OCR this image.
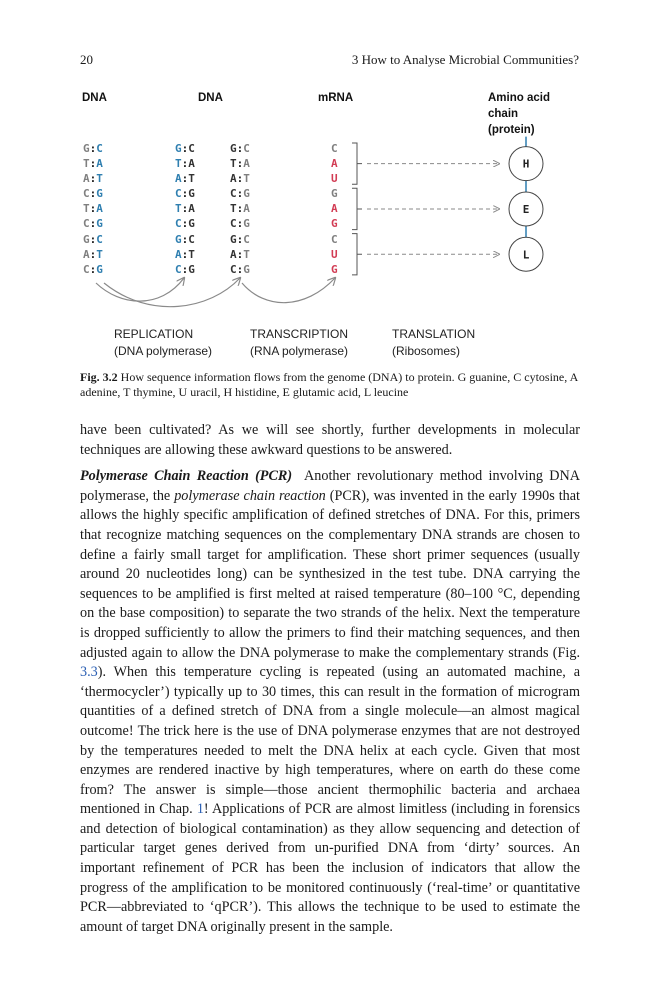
20	3 How to Analyse Microbial Communities?
DNA	DNA	mRNA	Amino acid chain
(protein)
H
E
L
G:C
T:A
A:T
C:G
T:A
C:G
G:C
A:T
C:G
G:C
T:A
A:T
C:G
T:A
C:G
G:C
A:T
C:G
G:C
T:A
A:T
C:G
T:A
C:G
G:C
A:T
C:G
C
A
U
G
A
G
C
U
G
REPLICATION
(DNA polymerase)
TRANSCRIPTION
(RNA polymerase)
TRANSLATION
(Ribosomes)
Fig. 3.2 How sequence information flows from the genome (DNA) to protein. G guanine, C cytosine, A adenine, T thymine, U uracil, H histidine, E glutamic acid, L leucine

have been cultivated? As we will see shortly, further developments in molecular techniques are allowing these awkward questions to be answered.

Polymerase Chain Reaction (PCR) Another revolutionary method involving DNA polymerase, the polymerase chain reaction (PCR), was invented in the early 1990s that allows the highly specific amplification of defined stretches of DNA. For this, primers that recognize matching sequences on the complementary DNA strands are chosen to define a fairly small target for amplification. These short primer sequences (usually around 20 nucleotides long) can be synthesized in the test tube. DNA carrying the sequences to be amplified is first melted at raised temperature (80–100 °C, depending on the base composition) to separate the two strands of the helix. Next the temperature is dropped sufficiently to allow the primers to find their matching sequences, and then adjusted again to allow the DNA polymerase to make the complementary strands (Fig. 3.3). When this temperature cycling is repeated (using an automated machine, a ‘thermocycler’) typically up to 30 times, this can result in the formation of microgram quantities of a defined stretch of DNA from a single molecule—an almost magical outcome! The trick here is the use of DNA polymerase enzymes that are not destroyed by the temperatures needed to melt the DNA helix at each cycle. Given that most enzymes are rendered inactive by high temperatures, where on earth do these come from? The answer is simple—those ancient thermophilic bacteria and archaea mentioned in Chap. 1! Applications of PCR are almost limitless (including in forensics and detection of biological contamination) as they allow sequencing and detection of particular target genes derived from un-purified DNA from ‘dirty’ sources. An important refinement of PCR has been the inclusion of indicators that allow the progress of the amplification to be monitored continuously (‘real-time’ or quantitative PCR—abbreviated to ‘qPCR’). This allows the technique to be used to estimate the amount of target DNA originally present in the sample.
